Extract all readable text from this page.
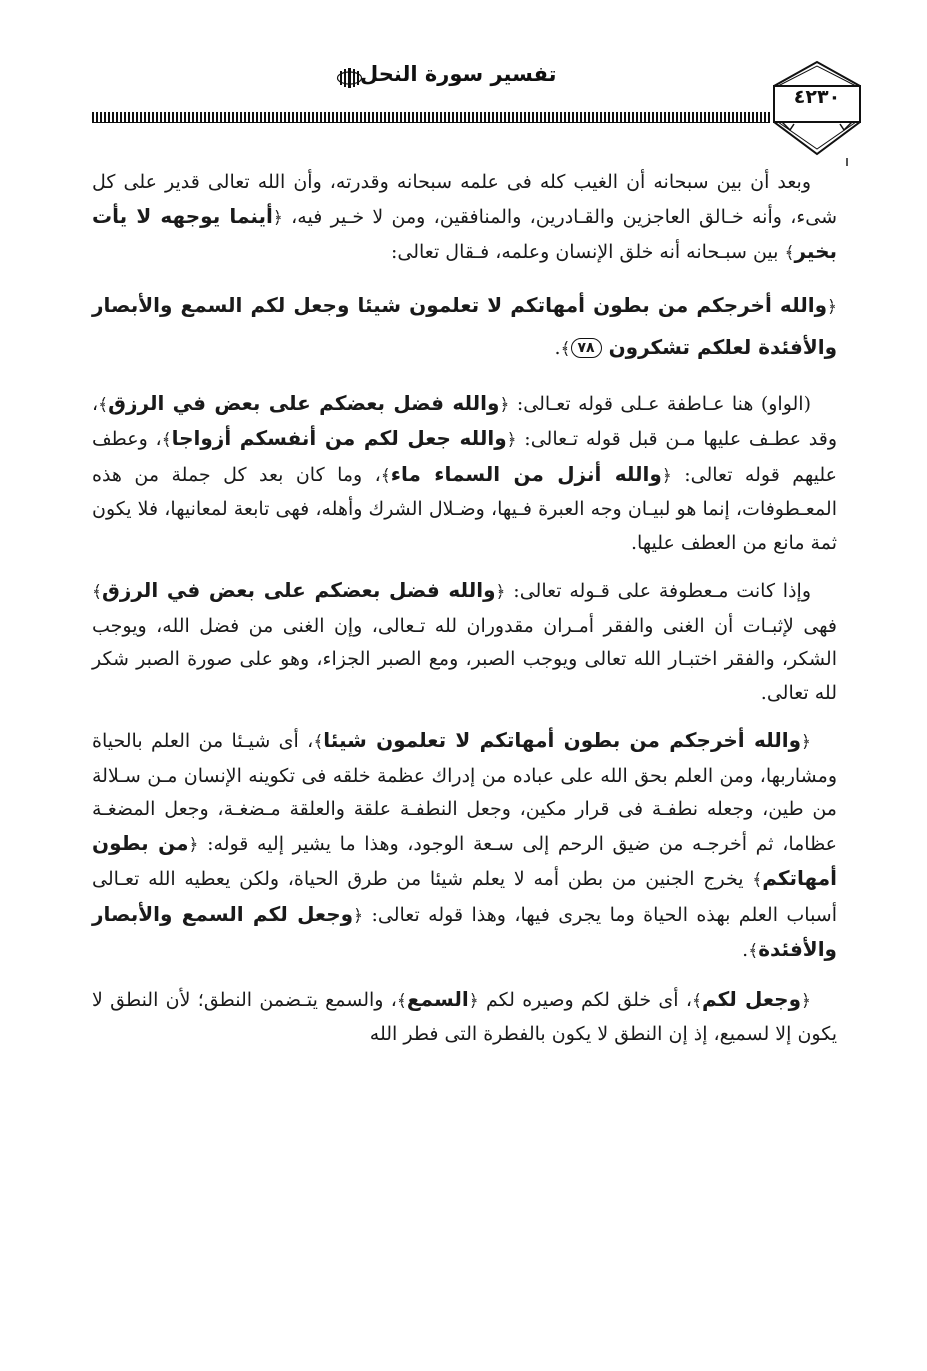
تفسير سورة النحل
٤٢٣٠

وبعد أن بين سبحانه أن الغيب كله فى علمه سبحانه وقدرته، وأن الله تعالى قدير على كل شىء، وأنه خـالق العاجزين والقـادرين، والمنافقين، ومن لا خـير فيه، ﴿أينما يوجهه لا يأت بخير﴾ بين سبـحانه أنه خلق الإنسان وعلمه، فـقال تعالى:

﴿والله أخرجكم من بطون أمهاتكم لا تعلمون شيئا وجعل لكم السمع والأبصار والأفئدة لعلكم تشكرون ٧٨﴾.

(الواو) هنا عـاطفة عـلى قوله تعـالى: ﴿والله فضل بعضكم على بعض في الرزق﴾، وقد عطـف عليها مـن قبل قوله تـعالى: ﴿والله جعل لكم من أنفسكم أزواجا﴾، وعطف عليهم قوله تعالى: ﴿والله أنزل من السماء ماء﴾، وما كان بعد كل جملة من هذه المعـطوفات، إنما هو لبيـان وجه العبرة فـيها، وضـلال الشرك وأهله، فهى تابعة لمعانيها، فلا يكون ثمة مانع من العطف عليها.

وإذا كانت مـعطوفة على قـوله تعالى: ﴿والله فضل بعضكم على بعض في الرزق﴾ فهى لإثبـات أن الغنى والفقر أمـران مقدوران لله تـعالى، وإن الغنى من فضل الله، ويوجب الشكر، والفقر اختبـار الله تعالى ويوجب الصبر، ومع الصبر الجزاء، وهو على صورة الصبر شكر لله تعالى.

﴿والله أخرجكم من بطون أمهاتكم لا تعلمون شيئا﴾، أى شيـئا من العلم بالحياة ومشاربها، ومن العلم بحق الله على عباده من إدراك عظمة خلقه فى تكوينه الإنسان مـن سـلالة من طين، وجعله نطفـة فى قرار مكين، وجعل النطفـة علقة والعلقة مـضغـة، وجعل المضغـة عظاما، ثم أخرجـه من ضيق الرحم إلى سـعة الوجود، وهذا ما يشير إليه قوله: ﴿من بطون أمهاتكم﴾ يخرج الجنين من بطن أمه لا يعلم شيئا من طرق الحياة، ولكن يعطيه الله تعـالى أسباب العلم بهذه الحياة وما يجرى فيها، وهذا قوله تعالى: ﴿وجعل لكم السمع والأبصار والأفئدة﴾.

﴿وجعل لكم﴾، أى خلق لكم وصيره لكم ﴿السمع﴾، والسمع يتـضمن النطق؛ لأن النطق لا يكون إلا لسميع، إذ إن النطق لا يكون بالفطرة التى فطر الله
